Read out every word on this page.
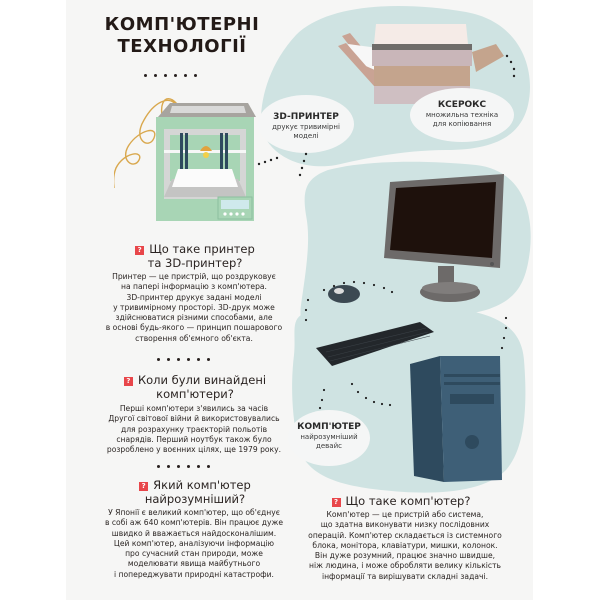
КОМП'ЮТЕРНІ
ТЕХНОЛОГІЇ
3D-ПРИНТЕР
друкує тривимірні
моделі
КСЕРОКС
множильна техніка
для копіювання
КОМП'ЮТЕР
найрозумніший
девайс
? Що таке принтер
та 3D-принтер?
Принтер — це пристрій, що роздруковує
на папері інформацію з комп'ютера.
3D-принтер друкує задані моделі
у тривимірному просторі. 3D-друк може
здійснюватися різними способами, але
в основі будь-якого — принцип пошарового
створення об'ємного об'єкта.
? Коли були винайдені
комп'ютери?
Перші комп'ютери з'явились за часів
Другої світової війни й використовувались
для розрахунку траєкторій польотів
снарядів. Перший ноутбук також було
розроблено у воєнних цілях, ще 1979 року.
? Який комп'ютер
найрозумніший?
У Японії є великий комп'ютер, що об'єднує
в собі аж 640 комп'ютерів. Він працює дуже
швидко й вважається найдосконалішим.
Цей комп'ютер, аналізуючи інформацію
про сучасний стан природи, може
моделювати явища майбутнього
і попереджувати природні катастрофи.
? Що таке комп'ютер?
Комп'ютер — це пристрій або система,
що здатна виконувати низку послідовних
операцій. Комп'ютер складається із системного
блока, монітора, клавіатури, мишки, колонок.
Він дуже розумний, працює значно швидше,
ніж людина, і може обробляти велику кількість
інформації та вирішувати складні задачі.
